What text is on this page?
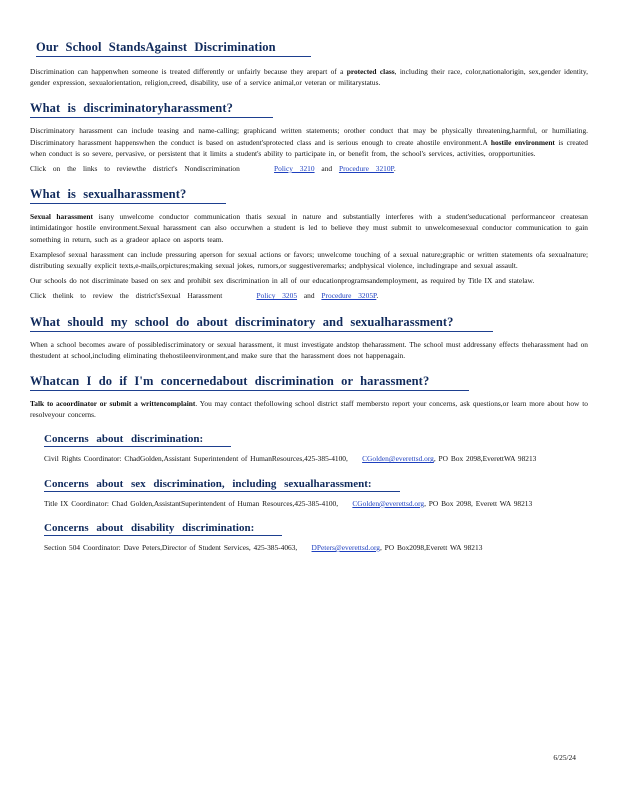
Our School StandsAgainst Discrimination

Discrimination can happenwhen someone is treated differently or unfairly because they arepart of a protected class, including their race, color,nationalorigin, sex,gender identity, gender expression, sexualorientation, religion,creed, disability, use of a service animal,or veteran or militarystatus.

What is discriminatoryharassment?

Discriminatory harassment can include teasing and name-calling; graphicand written statements; orother conduct that may be physically threatening,harmful, or humiliating. Discriminatory harassment happenswhen the conduct is based on astudent'sprotected class and is serious enough to create ahostile environment.A hostile environment is created when conduct is so severe, pervasive, or persistent that it limits a student's ability to participate in, or benefit from, the school's services, activities, oropportunities.

Click on the links to reviewthe district's Nondiscrimination	Policy 3210 and Procedure 3210P.

What is sexualharassment?

Sexual harassment isany unwelcome conductor communication thatis sexual in nature and substantially interferes with a student'seducational performanceor createsan intimidatingor hostile environment.Sexual harassment can also occurwhen a student is led to believe they must submit to unwelcomesexual conductor communication to gain something in return, such as a gradeor aplace on asports team.

Examplesof sexual harassment can include pressuring aperson for sexual actions or favors; unwelcome touching of a sexual nature;graphic or written statements ofa sexualnature; distributing sexually explicit texts,e-mails,orpictures;making sexual jokes, rumors,or suggestiveremarks; andphysical violence, includingrape and sexual assault.

Our schools do not discriminate based on sex and prohibit sex discrimination in all of our educationprogramsandemployment, as required by Title IX and statelaw.

Click thelink to review the district'sSexual Harassment	Policy 3205 and Procedure 3205P.

What should my school do about discriminatory and sexualharassment?

When a school becomes aware of possiblediscriminatory or sexual harassment, it must investigate andstop theharassment. The school must addressany effects theharassment had on thestudent at school,including eliminating thehostileenvironment,and make sure that the harassment does not happenagain.

Whatcan I do if I'm concernedabout discrimination or harassment?

Talk to acoordinator or submit a writtencomplaint. You may contact thefollowing school district staff membersto report your concerns, ask questions,or learn more about how to resolveyour concerns.

Concerns about discrimination:

Civil Rights Coordinator: ChadGolden,Assistant Superintendent of HumanResources,425-385-4100, CGolden@everettsd.org, PO Box 2098,EverettWA 98213

Concerns about sex discrimination, including sexualharassment:

Title IX Coordinator: Chad Golden,AssistantSuperintendent of Human Resources,425-385-4100, CGolden@everettsd.org, PO Box 2098, Everett WA 98213

Concerns about disability discrimination:

Section 504 Coordinator: Dave Peters,Director of Student Services, 425-385-4063, DPeters@everettsd.org, PO Box2098,Everett WA 98213

6/25/24
